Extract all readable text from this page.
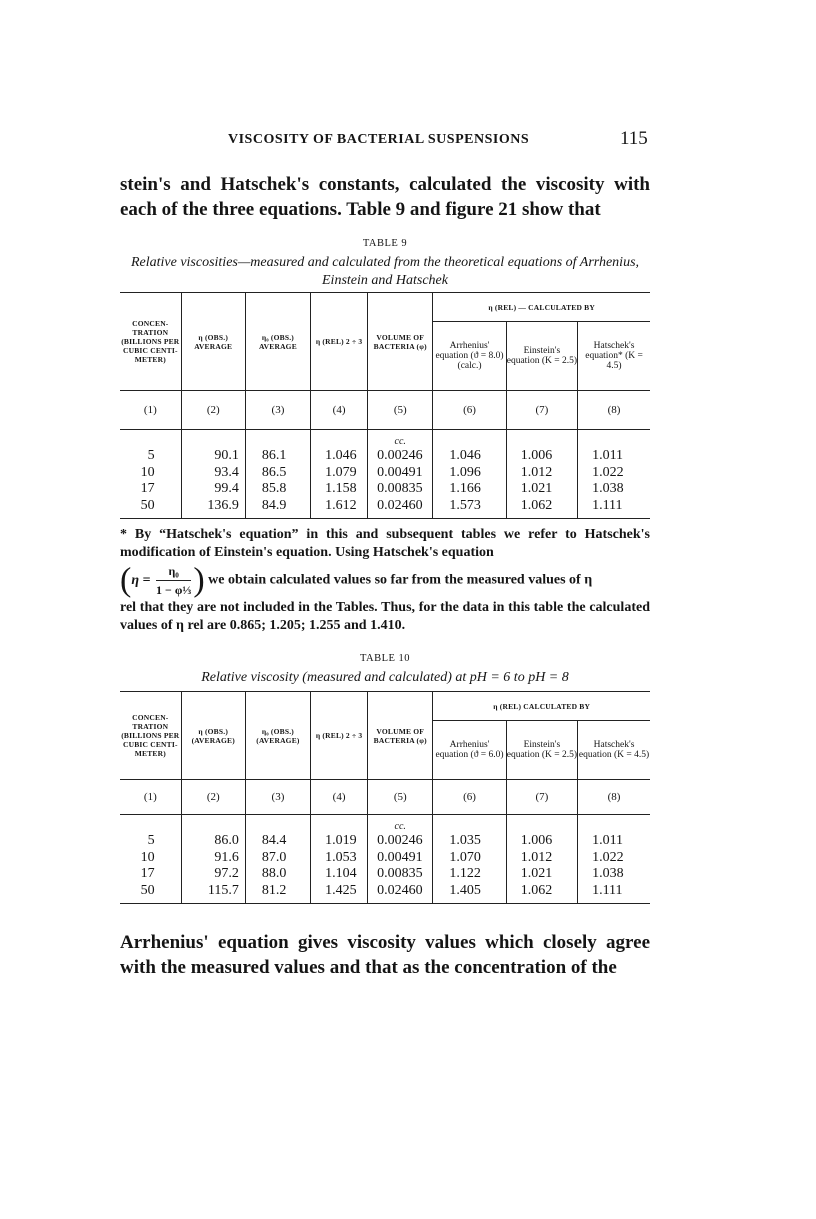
VISCOSITY OF BACTERIAL SUSPENSIONS	115
stein's and Hatschek's constants, calculated the viscosity with each of the three equations. Table 9 and figure 21 show that
TABLE 9
Relative viscosities—measured and calculated from the theoretical equations of Arrhenius, Einstein and Hatschek
CONCEN-TRATION (BILLIONS PER CUBIC CENTI-METER)	η (OBS.) AVERAGE	η₀ (OBS.) AVERAGE	η (REL) 2 ÷ 3	VOLUME OF BACTERIA (φ)	η (REL) — CALCULATED BY		
					Arrhenius' equation (ϑ = 8.0) (calc.)	Einstein's equation (K = 2.5)	Hatschek's equation* (K = 4.5)
(1)	(2)	(3)	(4)	(5)	(6)	(7)	(8)
				cc.			
5	90.1	86.1	1.046	0.00246	1.046	1.006	1.011
10	93.4	86.5	1.079	0.00491	1.096	1.012	1.022
17	99.4	85.8	1.158	0.00835	1.166	1.021	1.038
50	136.9	84.9	1.612	0.02460	1.573	1.062	1.111
* By “Hatschek's equation” in this and subsequent tables we refer to Hatschek's modification of Einstein's equation. Using Hatschek's equation
($\eta = \frac{\text{η₀}}{\text{1 − φ⅓}}$ ) we obtain calculated values so far from the measured values of η
rel that they are not included in the Tables. Thus, for the data in this table the calculated values of η rel are 0.865; 1.205; 1.255 and 1.410.
TABLE 10
Relative viscosity (measured and calculated) at pH = 6 to pH = 8
CONCEN-TRATION (BILLIONS PER CUBIC CENTI-METER)	η (OBS.) (AVERAGE)	η₀ (OBS.) (AVERAGE)	η (REL) 2 ÷ 3	VOLUME OF BACTERIA (φ)	η (REL) CALCULATED BY		
					Arrhenius' equation (ϑ = 6.0)	Einstein's equation (K = 2.5)	Hatschek's equation (K = 4.5)
(1)	(2)	(3)	(4)	(5)	(6)	(7)	(8)
				cc.			
5	86.0	84.4	1.019	0.00246	1.035	1.006	1.011
10	91.6	87.0	1.053	0.00491	1.070	1.012	1.022
17	97.2	88.0	1.104	0.00835	1.122	1.021	1.038
50	115.7	81.2	1.425	0.02460	1.405	1.062	1.111
Arrhenius' equation gives viscosity values which closely agree with the measured values and that as the concentration of the
